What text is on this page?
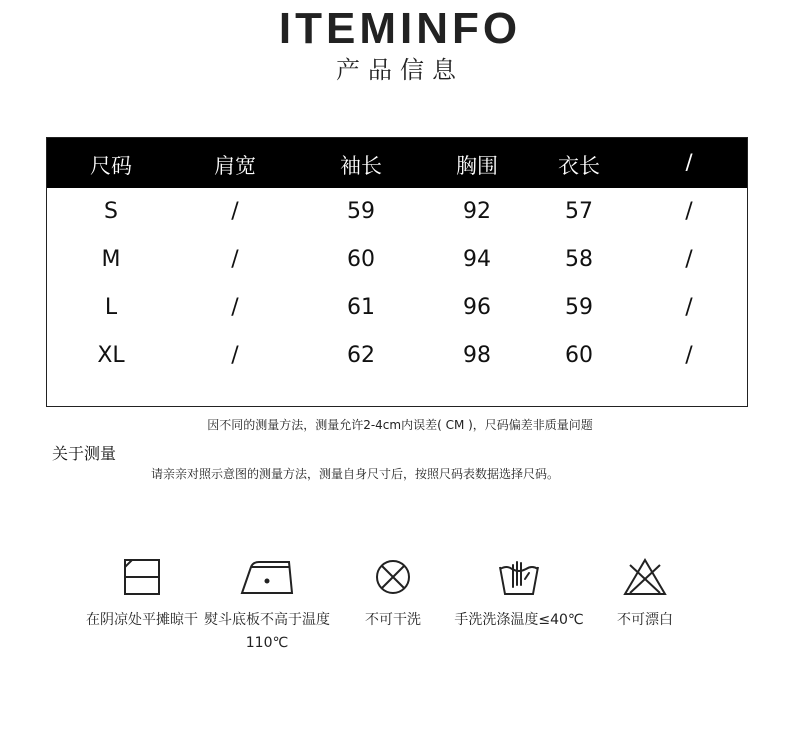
ITEMINFO
产品信息
尺码	肩宽	袖长	胸围	衣长	/
S	/	59	92	57	/
M	/	60	94	58	/
L	/	61	96	59	/
XL	/	62	98	60	/
因不同的测量方法，测量允许2-4cm内误差( CM )，尺码偏差非质量问题
关于测量
请亲亲对照示意图的测量方法，测量自身尺寸后，按照尺码表数据选择尺码。
在阴凉处平摊晾干 熨斗底板不高于温度110℃
不可干洗	手洗洗涤温度≤40℃	不可漂白
